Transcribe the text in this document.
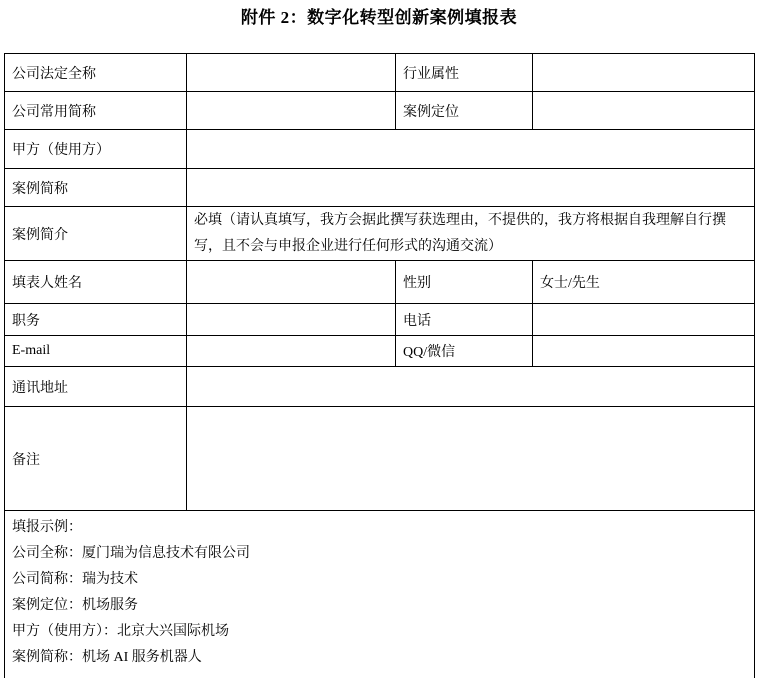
附件 2：数字化转型创新案例填报表
公司法定全称		行业属性	
公司常用简称		案例定位	
甲方（使用方）			
案例简称			
案例简介	必填（请认真填写，我方会据此撰写获选理由，不提供的，我方将根据自我理解自行撰写，且不会与申报企业进行任何形式的沟通交流）		

填表人姓名		性别	女士/先生
职务		电话	
E-mail		QQ/微信	
通讯地址			
备注			

填报示例：
公司全称：厦门瑞为信息技术有限公司
公司简称：瑞为技术
案例定位：机场服务
甲方（使用方）：北京大兴国际机场
案例简称：机场 AI 服务机器人
